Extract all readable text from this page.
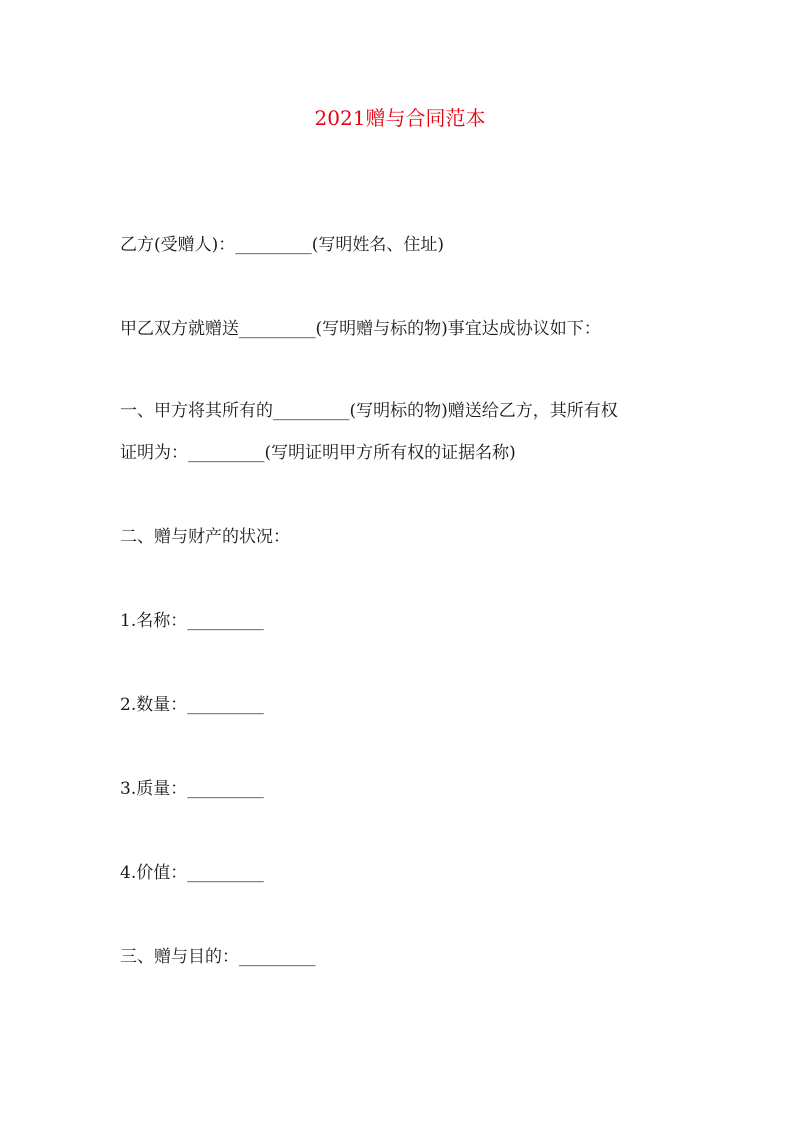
2021赠与合同范本
乙方(受赠人)：_________(写明姓名、住址)
甲乙双方就赠送_________(写明赠与标的物)事宜达成协议如下：
一、甲方将其所有的_________(写明标的物)赠送给乙方，其所有权
证明为：_________(写明证明甲方所有权的证据名称)
二、赠与财产的状况：
1.名称：_________
2.数量：_________
3.质量：_________
4.价值：_________
三、赠与目的：_________
